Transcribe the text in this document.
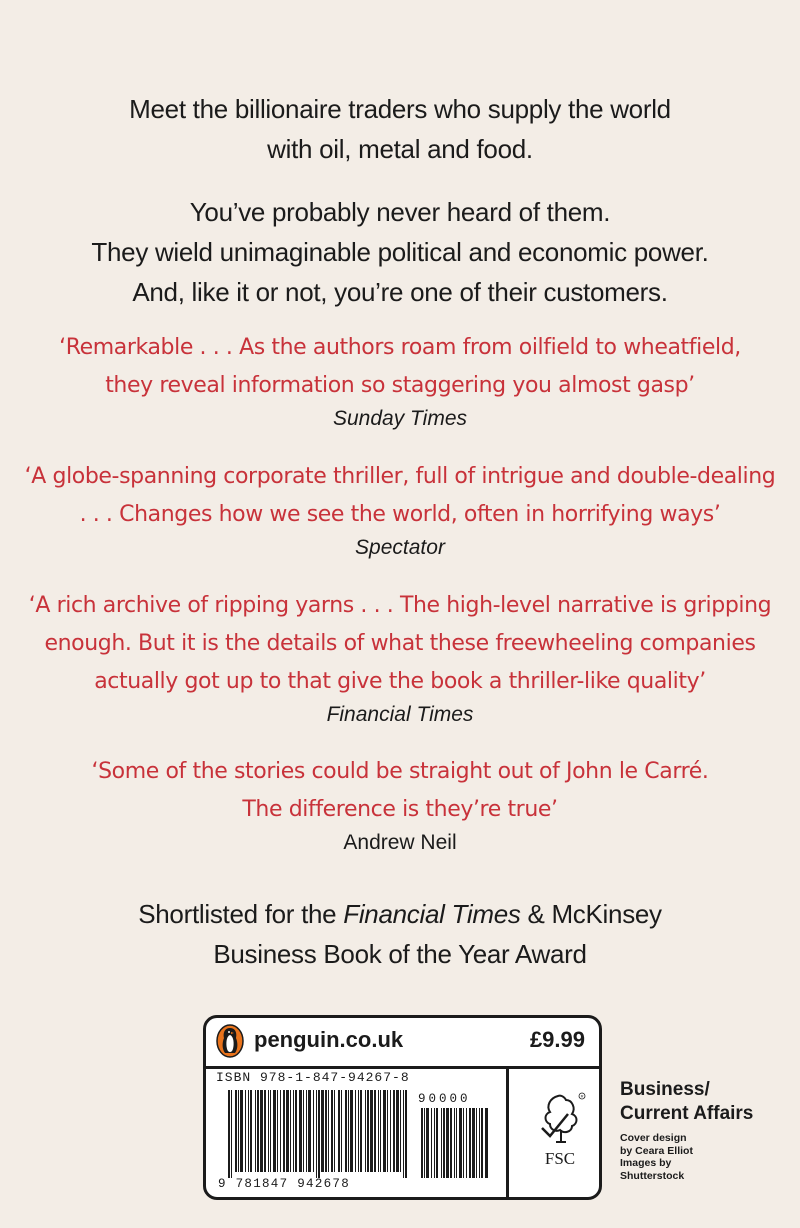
Meet the billionaire traders who supply the world
with oil, metal and food.
You’ve probably never heard of them.
They wield unimaginable political and economic power.
And, like it or not, you’re one of their customers.
‘Remarkable . . . As the authors roam from oilfield to wheatfield,
they reveal information so staggering you almost gasp’
Sunday Times
‘A globe-spanning corporate thriller, full of intrigue and double-dealing
. . . Changes how we see the world, often in horrifying ways’
Spectator
‘A rich archive of ripping yarns . . . The high-level narrative is gripping
enough. But it is the details of what these freewheeling companies
actually got up to that give the book a thriller-like quality’
Financial Times
‘Some of the stories could be straight out of John le Carré.
The difference is they’re true’
Andrew Neil
Shortlisted for the Financial Times & McKinsey
Business Book of the Year Award
penguin.co.uk	£9.99
ISBN 978-1-847-94267-8
9 781847 942678
90000	R
FSC
Business/
Current Affairs
Cover design
by Ceara Elliot
Images by
Shutterstock
